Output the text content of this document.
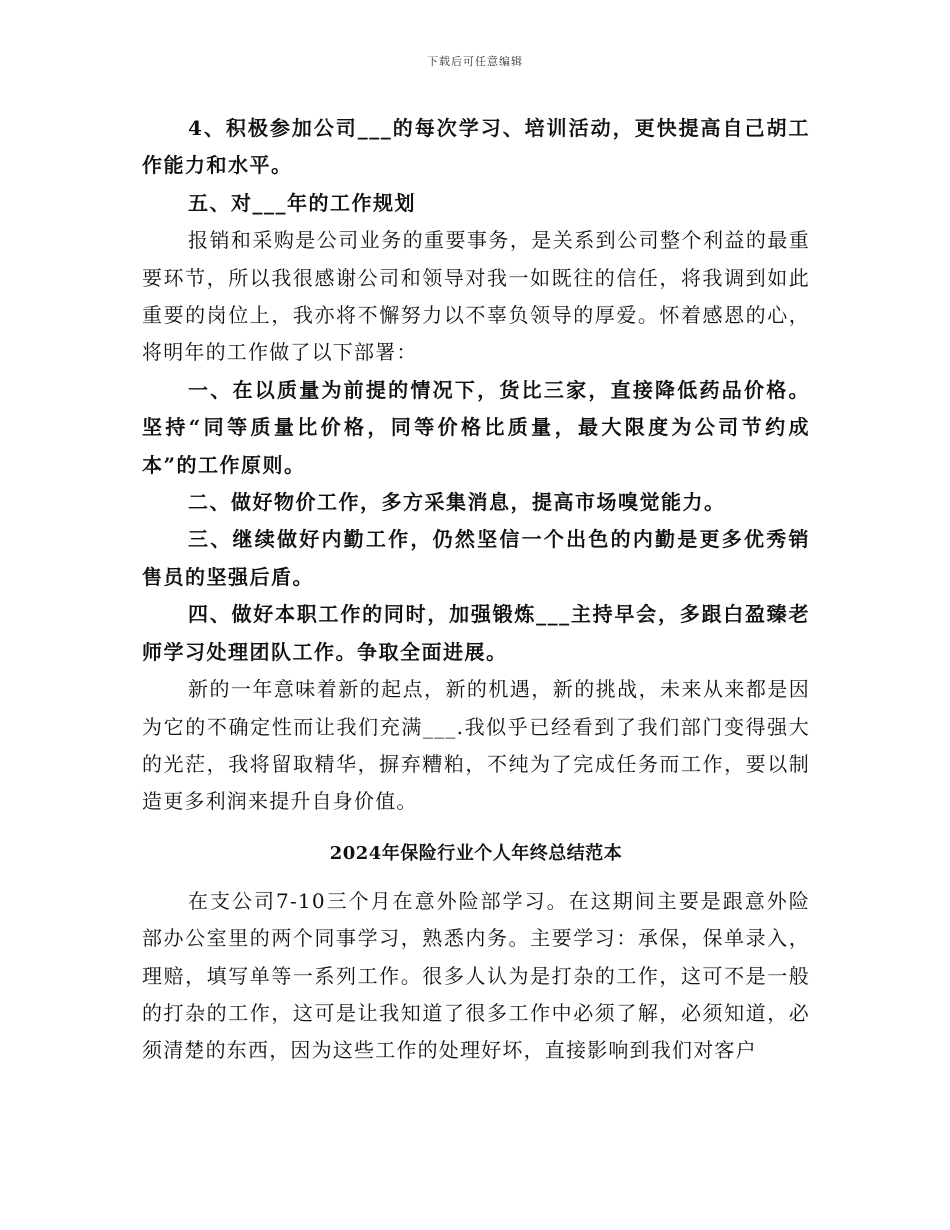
下载后可任意编辑

4、积极参加公司___的每次学习、培训活动，更快提高自己胡工作能力和水平。

五、对___年的工作规划

报销和采购是公司业务的重要事务，是关系到公司整个利益的最重要环节，所以我很感谢公司和领导对我一如既往的信任，将我调到如此重要的岗位上，我亦将不懈努力以不辜负领导的厚爱。怀着感恩的心，将明年的工作做了以下部署：

一、在以质量为前提的情况下，货比三家，直接降低药品价格。坚持“同等质量比价格，同等价格比质量，最大限度为公司节约成本”的工作原则。

二、做好物价工作，多方采集消息，提高市场嗅觉能力。

三、继续做好内勤工作，仍然坚信一个出色的内勤是更多优秀销售员的坚强后盾。

四、做好本职工作的同时，加强锻炼___主持早会，多跟白盈臻老师学习处理团队工作。争取全面进展。

新的一年意味着新的起点，新的机遇，新的挑战，未来从来都是因为它的不确定性而让我们充满___.我似乎已经看到了我们部门变得强大的光茫，我将留取精华，摒弃糟粕，不纯为了完成任务而工作，要以制造更多利润来提升自身价值。

2024年保险行业个人年终总结范本

在支公司7-10三个月在意外险部学习。在这期间主要是跟意外险部办公室里的两个同事学习，熟悉内务。主要学习：承保，保单录入，理赔，填写单等一系列工作。很多人认为是打杂的工作，这可不是一般的打杂的工作，这可是让我知道了很多工作中必须了解，必须知道，必须清楚的东西，因为这些工作的处理好坏，直接影响到我们对客户
